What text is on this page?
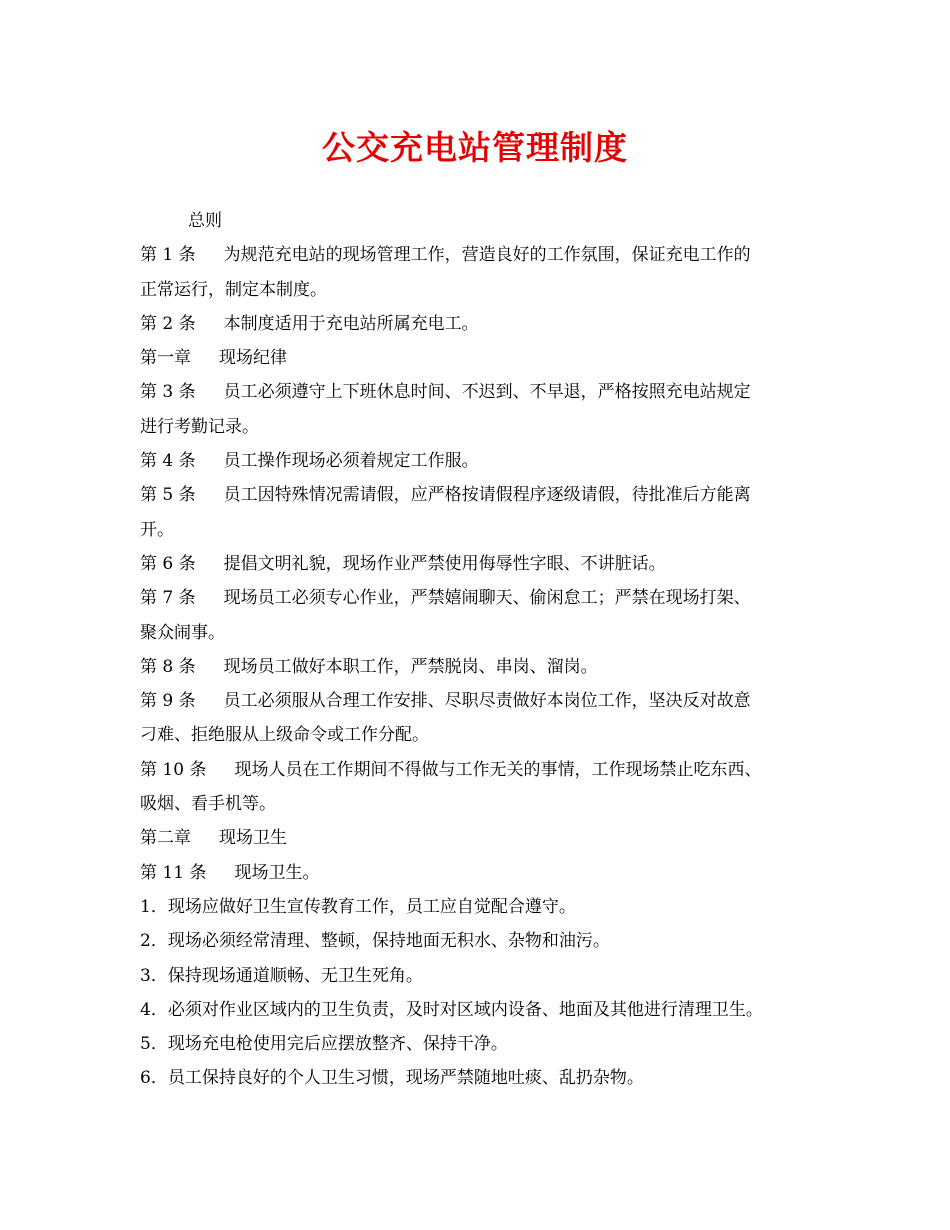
公交充电站管理制度
总则
第 1 条 为规范充电站的现场管理工作，营造良好的工作氛围，保证充电工作的
正常运行，制定本制度。
第 2 条 本制度适用于充电站所属充电工。
第一章 现场纪律
第 3 条 员工必须遵守上下班休息时间、不迟到、不早退，严格按照充电站规定
进行考勤记录。
第 4 条 员工操作现场必须着规定工作服。
第 5 条 员工因特殊情况需请假，应严格按请假程序逐级请假，待批准后方能离
开。
第 6 条 提倡文明礼貌，现场作业严禁使用侮辱性字眼、不讲脏话。
第 7 条 现场员工必须专心作业，严禁嬉闹聊天、偷闲怠工；严禁在现场打架、
聚众闹事。
第 8 条 现场员工做好本职工作，严禁脱岗、串岗、溜岗。
第 9 条 员工必须服从合理工作安排、尽职尽责做好本岗位工作，坚决反对故意
刁难、拒绝服从上级命令或工作分配。
第 10 条 现场人员在工作期间不得做与工作无关的事情，工作现场禁止吃东西、
吸烟、看手机等。
第二章 现场卫生
第 11 条 现场卫生。
1．现场应做好卫生宣传教育工作，员工应自觉配合遵守。
2．现场必须经常清理、整顿，保持地面无积水、杂物和油污。
3．保持现场通道顺畅、无卫生死角。
4．必须对作业区域内的卫生负责，及时对区域内设备、地面及其他进行清理卫生。
5．现场充电枪使用完后应摆放整齐、保持干净。
6．员工保持良好的个人卫生习惯，现场严禁随地吐痰、乱扔杂物。
